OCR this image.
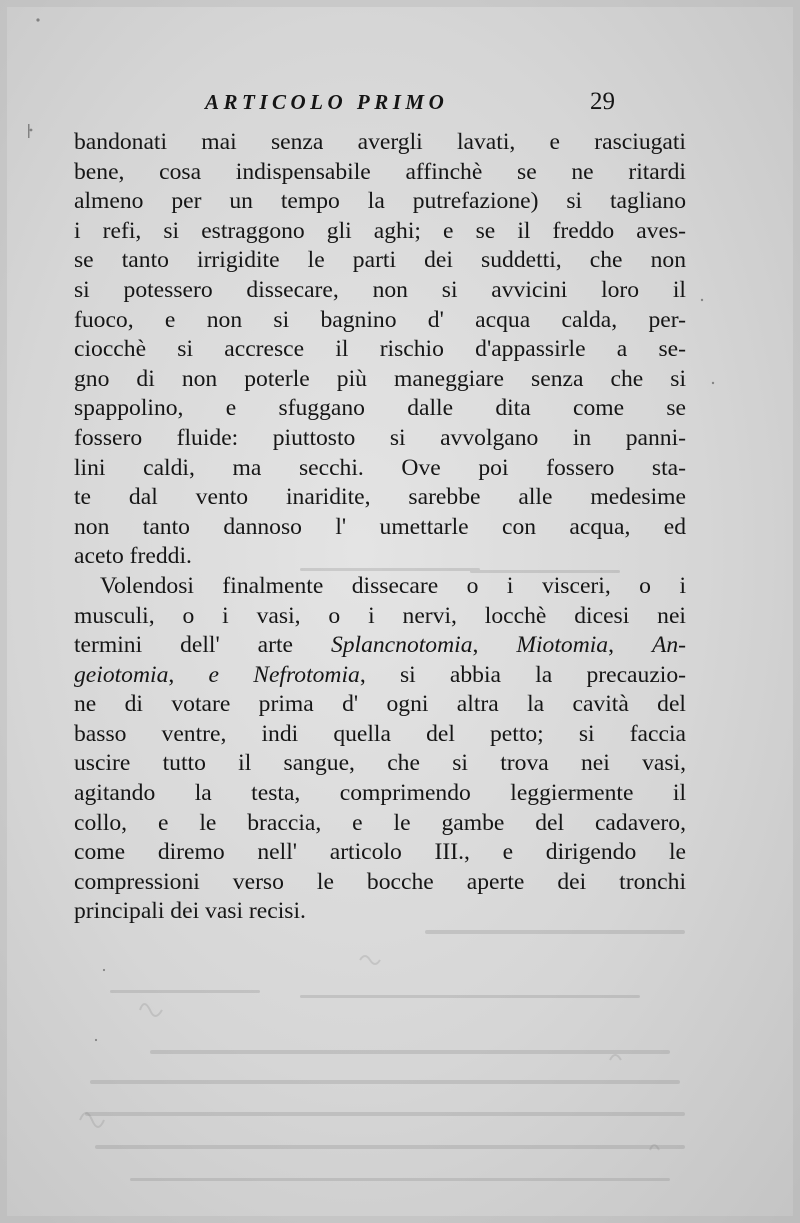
ARTICOLO PRIMO	29
bandonati mai senza avergli lavati, e rasciugati
bene, cosa indispensabile affinchè se ne ritardi
almeno per un tempo la putrefazione) si tagliano
i refi, si estraggono gli aghi; e se il freddo aves-
se tanto irrigidite le parti dei suddetti, che non
si potessero dissecare, non si avvicini loro il
fuoco, e non si bagnino d' acqua calda, per-
ciocchè si accresce il rischio d'appassirle a se-
gno di non poterle più maneggiare senza che si
spappolino, e sfuggano dalle dita come se
fossero fluide: piuttosto si avvolgano in panni-
lini caldi, ma secchi. Ove poi fossero sta-
te dal vento inaridite, sarebbe alle medesime
non tanto dannoso l' umettarle con acqua, ed
aceto freddi.
Volendosi finalmente dissecare o i visceri, o i
musculi, o i vasi, o i nervi, locchè dicesi nei
termini dell' arte Splancnotomia, Miotomia, An-
geiotomia, e Nefrotomia, si abbia la precauzio-
ne di votare prima d' ogni altra la cavità del
basso ventre, indi quella del petto; si faccia
uscire tutto il sangue, che si trova nei vasi,
agitando la testa, comprimendo leggiermente il
collo, e le braccia, e le gambe del cadavero,
come diremo nell' articolo III., e dirigendo le
compressioni verso le bocche aperte dei tronchi
principali dei vasi recisi.
